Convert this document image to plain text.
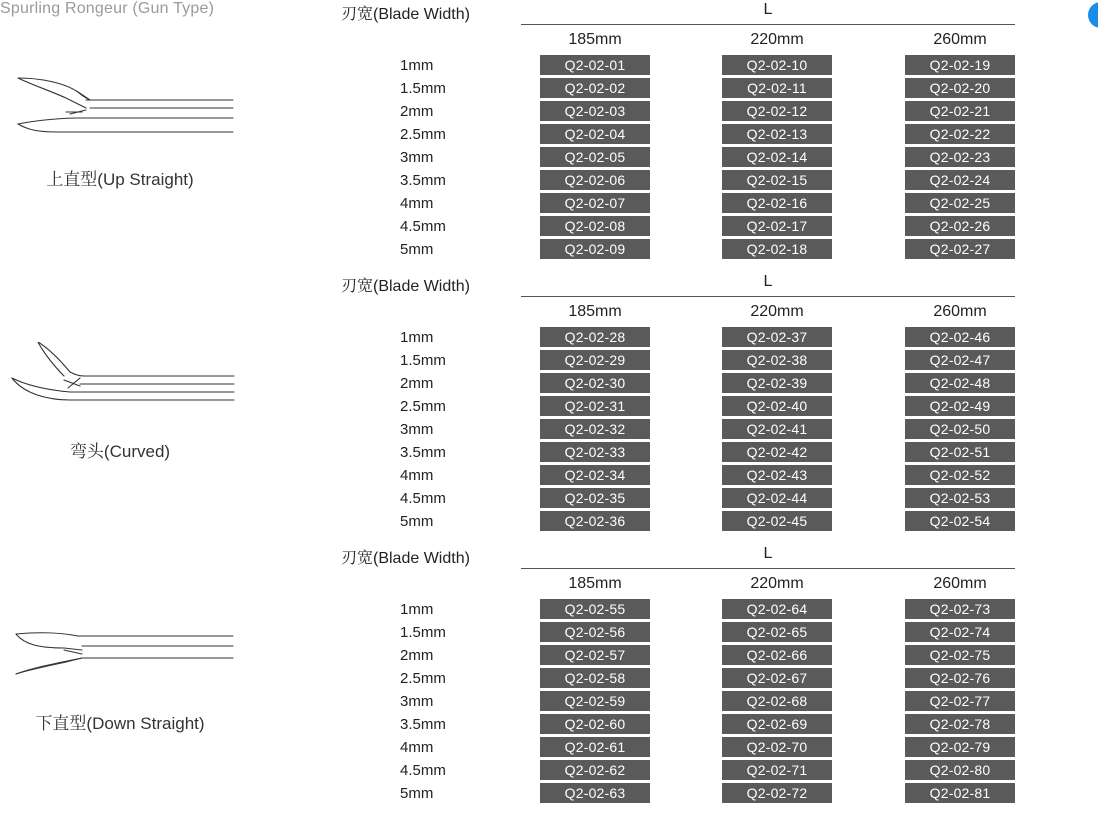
Spurling Rongeur (Gun Type)
上直型(Up Straight)
刃宽(Blade Width)	L
185mm	220mm	260mm
1mm	Q2-02-01	Q2-02-10	Q2-02-19
1.5mm	Q2-02-02	Q2-02-11	Q2-02-20
2mm	Q2-02-03	Q2-02-12	Q2-02-21
2.5mm	Q2-02-04	Q2-02-13	Q2-02-22
3mm	Q2-02-05	Q2-02-14	Q2-02-23
3.5mm	Q2-02-06	Q2-02-15	Q2-02-24
4mm	Q2-02-07	Q2-02-16	Q2-02-25
4.5mm	Q2-02-08	Q2-02-17	Q2-02-26
5mm	Q2-02-09	Q2-02-18	Q2-02-27
弯头(Curved)
刃宽(Blade Width)	L
185mm	220mm	260mm
1mm	Q2-02-28	Q2-02-37	Q2-02-46
1.5mm	Q2-02-29	Q2-02-38	Q2-02-47
2mm	Q2-02-30	Q2-02-39	Q2-02-48
2.5mm	Q2-02-31	Q2-02-40	Q2-02-49
3mm	Q2-02-32	Q2-02-41	Q2-02-50
3.5mm	Q2-02-33	Q2-02-42	Q2-02-51
4mm	Q2-02-34	Q2-02-43	Q2-02-52
4.5mm	Q2-02-35	Q2-02-44	Q2-02-53
5mm	Q2-02-36	Q2-02-45	Q2-02-54
下直型(Down Straight)
刃宽(Blade Width)	L
185mm	220mm	260mm
1mm	Q2-02-55	Q2-02-64	Q2-02-73
1.5mm	Q2-02-56	Q2-02-65	Q2-02-74
2mm	Q2-02-57	Q2-02-66	Q2-02-75
2.5mm	Q2-02-58	Q2-02-67	Q2-02-76
3mm	Q2-02-59	Q2-02-68	Q2-02-77
3.5mm	Q2-02-60	Q2-02-69	Q2-02-78
4mm	Q2-02-61	Q2-02-70	Q2-02-79
4.5mm	Q2-02-62	Q2-02-71	Q2-02-80
5mm	Q2-02-63	Q2-02-72	Q2-02-81
